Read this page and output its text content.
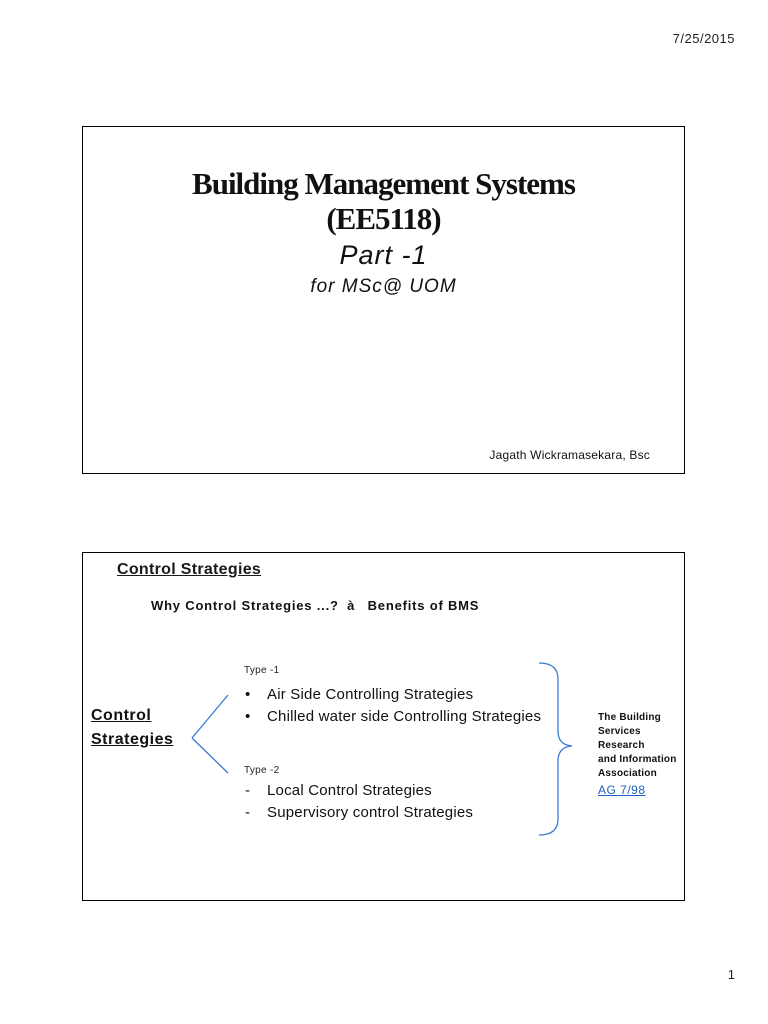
7/25/2015
Building Management Systems
(EE5118)
Part -1
for MSc@ UOM
Jagath Wickramasekara, Bsc
Control Strategies
Why Control Strategies ...? à Benefits of BMS
Control
Strategies
Type -1
• Air Side Controlling Strategies
• Chilled water side Controlling Strategies
Type -2
- Local Control Strategies
- Supervisory control Strategies
The Building
Services
Research
and Information
Association
AG 7/98
1
